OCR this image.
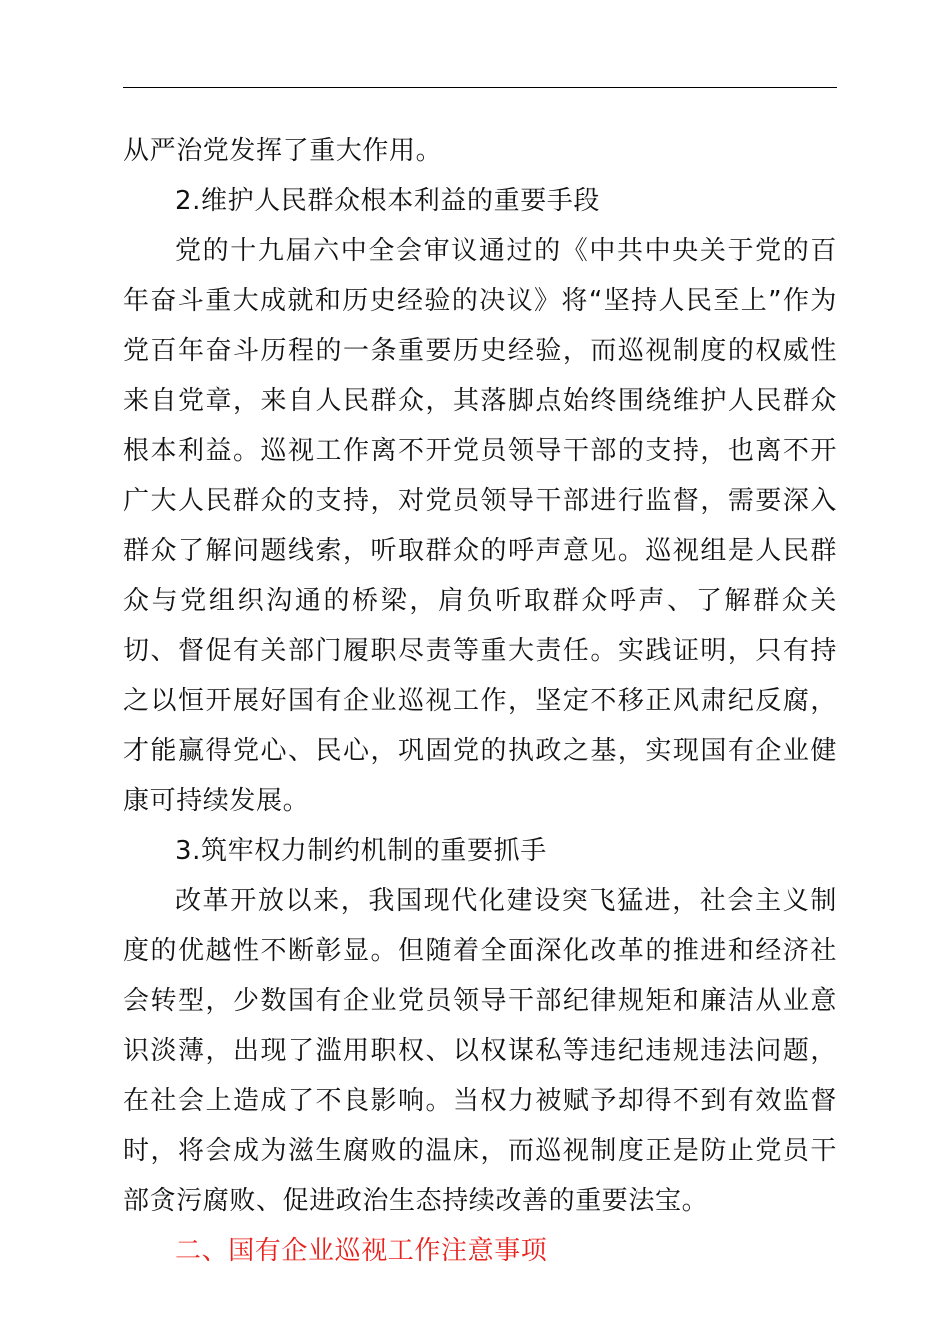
从严治党发挥了重大作用。

2.维护人民群众根本利益的重要手段

党的十九届六中全会审议通过的《中共中央关于党的百年奋斗重大成就和历史经验的决议》将“坚持人民至上”作为党百年奋斗历程的一条重要历史经验，而巡视制度的权威性来自党章，来自人民群众，其落脚点始终围绕维护人民群众根本利益。巡视工作离不开党员领导干部的支持，也离不开广大人民群众的支持，对党员领导干部进行监督，需要深入群众了解问题线索，听取群众的呼声意见。巡视组是人民群众与党组织沟通的桥梁，肩负听取群众呼声、了解群众关切、督促有关部门履职尽责等重大责任。实践证明，只有持之以恒开展好国有企业巡视工作，坚定不移正风肃纪反腐，才能赢得党心、民心，巩固党的执政之基，实现国有企业健康可持续发展。

3.筑牢权力制约机制的重要抓手

改革开放以来，我国现代化建设突飞猛进，社会主义制度的优越性不断彰显。但随着全面深化改革的推进和经济社会转型，少数国有企业党员领导干部纪律规矩和廉洁从业意识淡薄，出现了滥用职权、以权谋私等违纪违规违法问题，在社会上造成了不良影响。当权力被赋予却得不到有效监督时，将会成为滋生腐败的温床，而巡视制度正是防止党员干部贪污腐败、促进政治生态持续改善的重要法宝。

二、国有企业巡视工作注意事项
